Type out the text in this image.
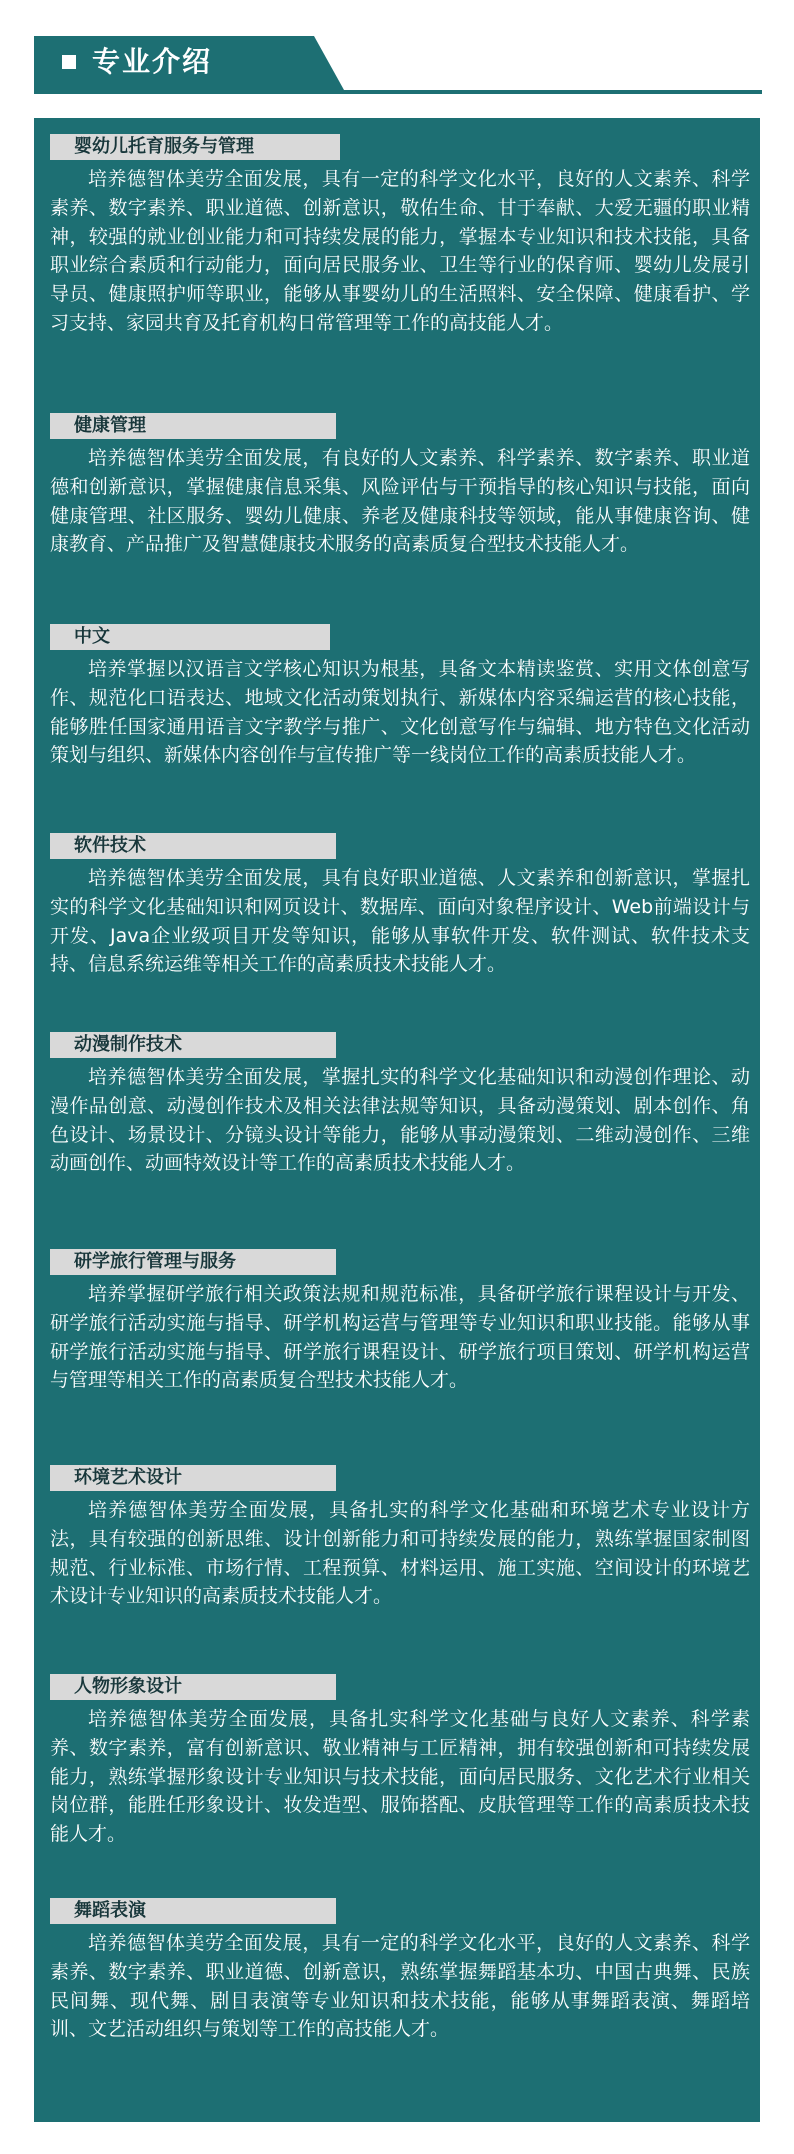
专业介绍
婴幼儿托育服务与管理
培养德智体美劳全面发展，具有一定的科学文化水平，良好的人文素养、科学素养、数字素养、职业道德、创新意识，敬佑生命、甘于奉献、大爱无疆的职业精神，较强的就业创业能力和可持续发展的能力，掌握本专业知识和技术技能，具备职业综合素质和行动能力，面向居民服务业、卫生等行业的保育师、婴幼儿发展引导员、健康照护师等职业，能够从事婴幼儿的生活照料、安全保障、健康看护、学习支持、家园共育及托育机构日常管理等工作的高技能人才。
健康管理
培养德智体美劳全面发展，有良好的人文素养、科学素养、数字素养、职业道德和创新意识，掌握健康信息采集、风险评估与干预指导的核心知识与技能，面向健康管理、社区服务、婴幼儿健康、养老及健康科技等领域，能从事健康咨询、健康教育、产品推广及智慧健康技术服务的高素质复合型技术技能人才。
中文
培养掌握以汉语言文学核心知识为根基，具备文本精读鉴赏、实用文体创意写作、规范化口语表达、地域文化活动策划执行、新媒体内容采编运营的核心技能，能够胜任国家通用语言文字教学与推广、文化创意写作与编辑、地方特色文化活动策划与组织、新媒体内容创作与宣传推广等一线岗位工作的高素质技能人才。
软件技术
培养德智体美劳全面发展，具有良好职业道德、人文素养和创新意识，掌握扎实的科学文化基础知识和网页设计、数据库、面向对象程序设计、Web前端设计与开发、Java企业级项目开发等知识，能够从事软件开发、软件测试、软件技术支持、信息系统运维等相关工作的高素质技术技能人才。
动漫制作技术
培养德智体美劳全面发展，掌握扎实的科学文化基础知识和动漫创作理论、动漫作品创意、动漫创作技术及相关法律法规等知识，具备动漫策划、剧本创作、角色设计、场景设计、分镜头设计等能力，能够从事动漫策划、二维动漫创作、三维动画创作、动画特效设计等工作的高素质技术技能人才。
研学旅行管理与服务
培养掌握研学旅行相关政策法规和规范标准，具备研学旅行课程设计与开发、研学旅行活动实施与指导、研学机构运营与管理等专业知识和职业技能。能够从事研学旅行活动实施与指导、研学旅行课程设计、研学旅行项目策划、研学机构运营与管理等相关工作的高素质复合型技术技能人才。
环境艺术设计
培养德智体美劳全面发展，具备扎实的科学文化基础和环境艺术专业设计方法，具有较强的创新思维、设计创新能力和可持续发展的能力，熟练掌握国家制图规范、行业标准、市场行情、工程预算、材料运用、施工实施、空间设计的环境艺术设计专业知识的高素质技术技能人才。
人物形象设计
培养德智体美劳全面发展，具备扎实科学文化基础与良好人文素养、科学素养、数字素养，富有创新意识、敬业精神与工匠精神，拥有较强创新和可持续发展能力，熟练掌握形象设计专业知识与技术技能，面向居民服务、文化艺术行业相关岗位群，能胜任形象设计、妆发造型、服饰搭配、皮肤管理等工作的高素质技术技能人才。
舞蹈表演
培养德智体美劳全面发展，具有一定的科学文化水平，良好的人文素养、科学素养、数字素养、职业道德、创新意识，熟练掌握舞蹈基本功、中国古典舞、民族民间舞、现代舞、剧目表演等专业知识和技术技能，能够从事舞蹈表演、舞蹈培训、文艺活动组织与策划等工作的高技能人才。
